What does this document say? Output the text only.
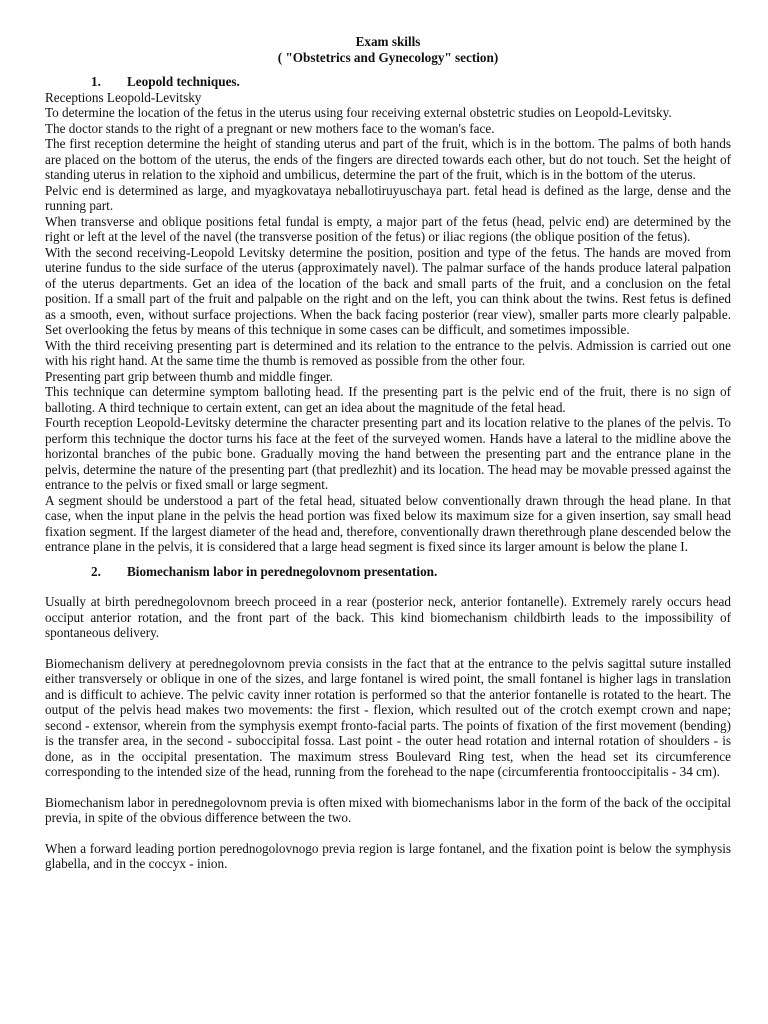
Exam skills
( "Obstetrics and Gynecology" section)
1. Leopold techniques.

Receptions Leopold-Levitsky

To determine the location of the fetus in the uterus using four receiving external obstetric studies on Leopold-Levitsky.

The doctor stands to the right of a pregnant or new mothers face to the woman's face.

The first reception determine the height of standing uterus and part of the fruit, which is in the bottom. The palms of both hands are placed on the bottom of the uterus, the ends of the fingers are directed towards each other, but do not touch. Set the height of standing uterus in relation to the xiphoid and umbilicus, determine the part of the fruit, which is in the bottom of the uterus.

Pelvic end is determined as large, and myagkovataya neballotiruyuschaya part. fetal head is defined as the large, dense and the running part.

When transverse and oblique positions fetal fundal is empty, a major part of the fetus (head, pelvic end) are determined by the right or left at the level of the navel (the transverse position of the fetus) or iliac regions (the oblique position of the fetus).

With the second receiving-Leopold Levitsky determine the position, position and type of the fetus. The hands are moved from uterine fundus to the side surface of the uterus (approximately navel). The palmar surface of the hands produce lateral palpation of the uterus departments. Get an idea of the location of the back and small parts of the fruit, and a conclusion on the fetal position. If a small part of the fruit and palpable on the right and on the left, you can think about the twins. Rest fetus is defined as a smooth, even, without surface projections. When the back facing posterior (rear view), smaller parts more clearly palpable. Set overlooking the fetus by means of this technique in some cases can be difficult, and sometimes impossible.

With the third receiving presenting part is determined and its relation to the entrance to the pelvis. Admission is carried out one with his right hand. At the same time the thumb is removed as possible from the other four.

Presenting part grip between thumb and middle finger.

This technique can determine symptom balloting head. If the presenting part is the pelvic end of the fruit, there is no sign of balloting. A third technique to certain extent, can get an idea about the magnitude of the fetal head.

Fourth reception Leopold-Levitsky determine the character presenting part and its location relative to the planes of the pelvis. To perform this technique the doctor turns his face at the feet of the surveyed women. Hands have a lateral to the midline above the horizontal branches of the pubic bone. Gradually moving the hand between the presenting part and the entrance plane in the pelvis, determine the nature of the presenting part (that predlezhit) and its location. The head may be movable pressed against the entrance to the pelvis or fixed small or large segment.

A segment should be understood a part of the fetal head, situated below conventionally drawn through the head plane. In that case, when the input plane in the pelvis the head portion was fixed below its maximum size for a given insertion, say small head fixation segment. If the largest diameter of the head and, therefore, conventionally drawn therethrough plane descended below the entrance plane in the pelvis, it is considered that a large head segment is fixed since its larger amount is below the plane I.

2. Biomechanism labor in perednegolovnom presentation.

Usually at birth perednegolovnom breech proceed in a rear (posterior neck, anterior fontanelle). Extremely rarely occurs head occiput anterior rotation, and the front part of the back. This kind biomechanism childbirth leads to the impossibility of spontaneous delivery.

Biomechanism delivery at perednegolovnom previa consists in the fact that at the entrance to the pelvis sagittal suture installed either transversely or oblique in one of the sizes, and large fontanel is wired point, the small fontanel is higher lags in translation and is difficult to achieve. The pelvic cavity inner rotation is performed so that the anterior fontanelle is rotated to the heart. The output of the pelvis head makes two movements: the first - flexion, which resulted out of the crotch exempt crown and nape; second - extensor, wherein from the symphysis exempt fronto-facial parts. The points of fixation of the first movement (bending) is the transfer area, in the second - suboccipital fossa. Last point - the outer head rotation and internal rotation of shoulders - is done, as in the occipital presentation. The maximum stress Boulevard Ring test, when the head set its circumference corresponding to the intended size of the head, running from the forehead to the nape (circumferentia frontooccipitalis - 34 cm).

Biomechanism labor in perednegolovnom previa is often mixed with biomechanisms labor in the form of the back of the occipital previa, in spite of the obvious difference between the two.

When a forward leading portion perednogolovnogo previa region is large fontanel, and the fixation point is below the symphysis glabella, and in the coccyx - inion.
